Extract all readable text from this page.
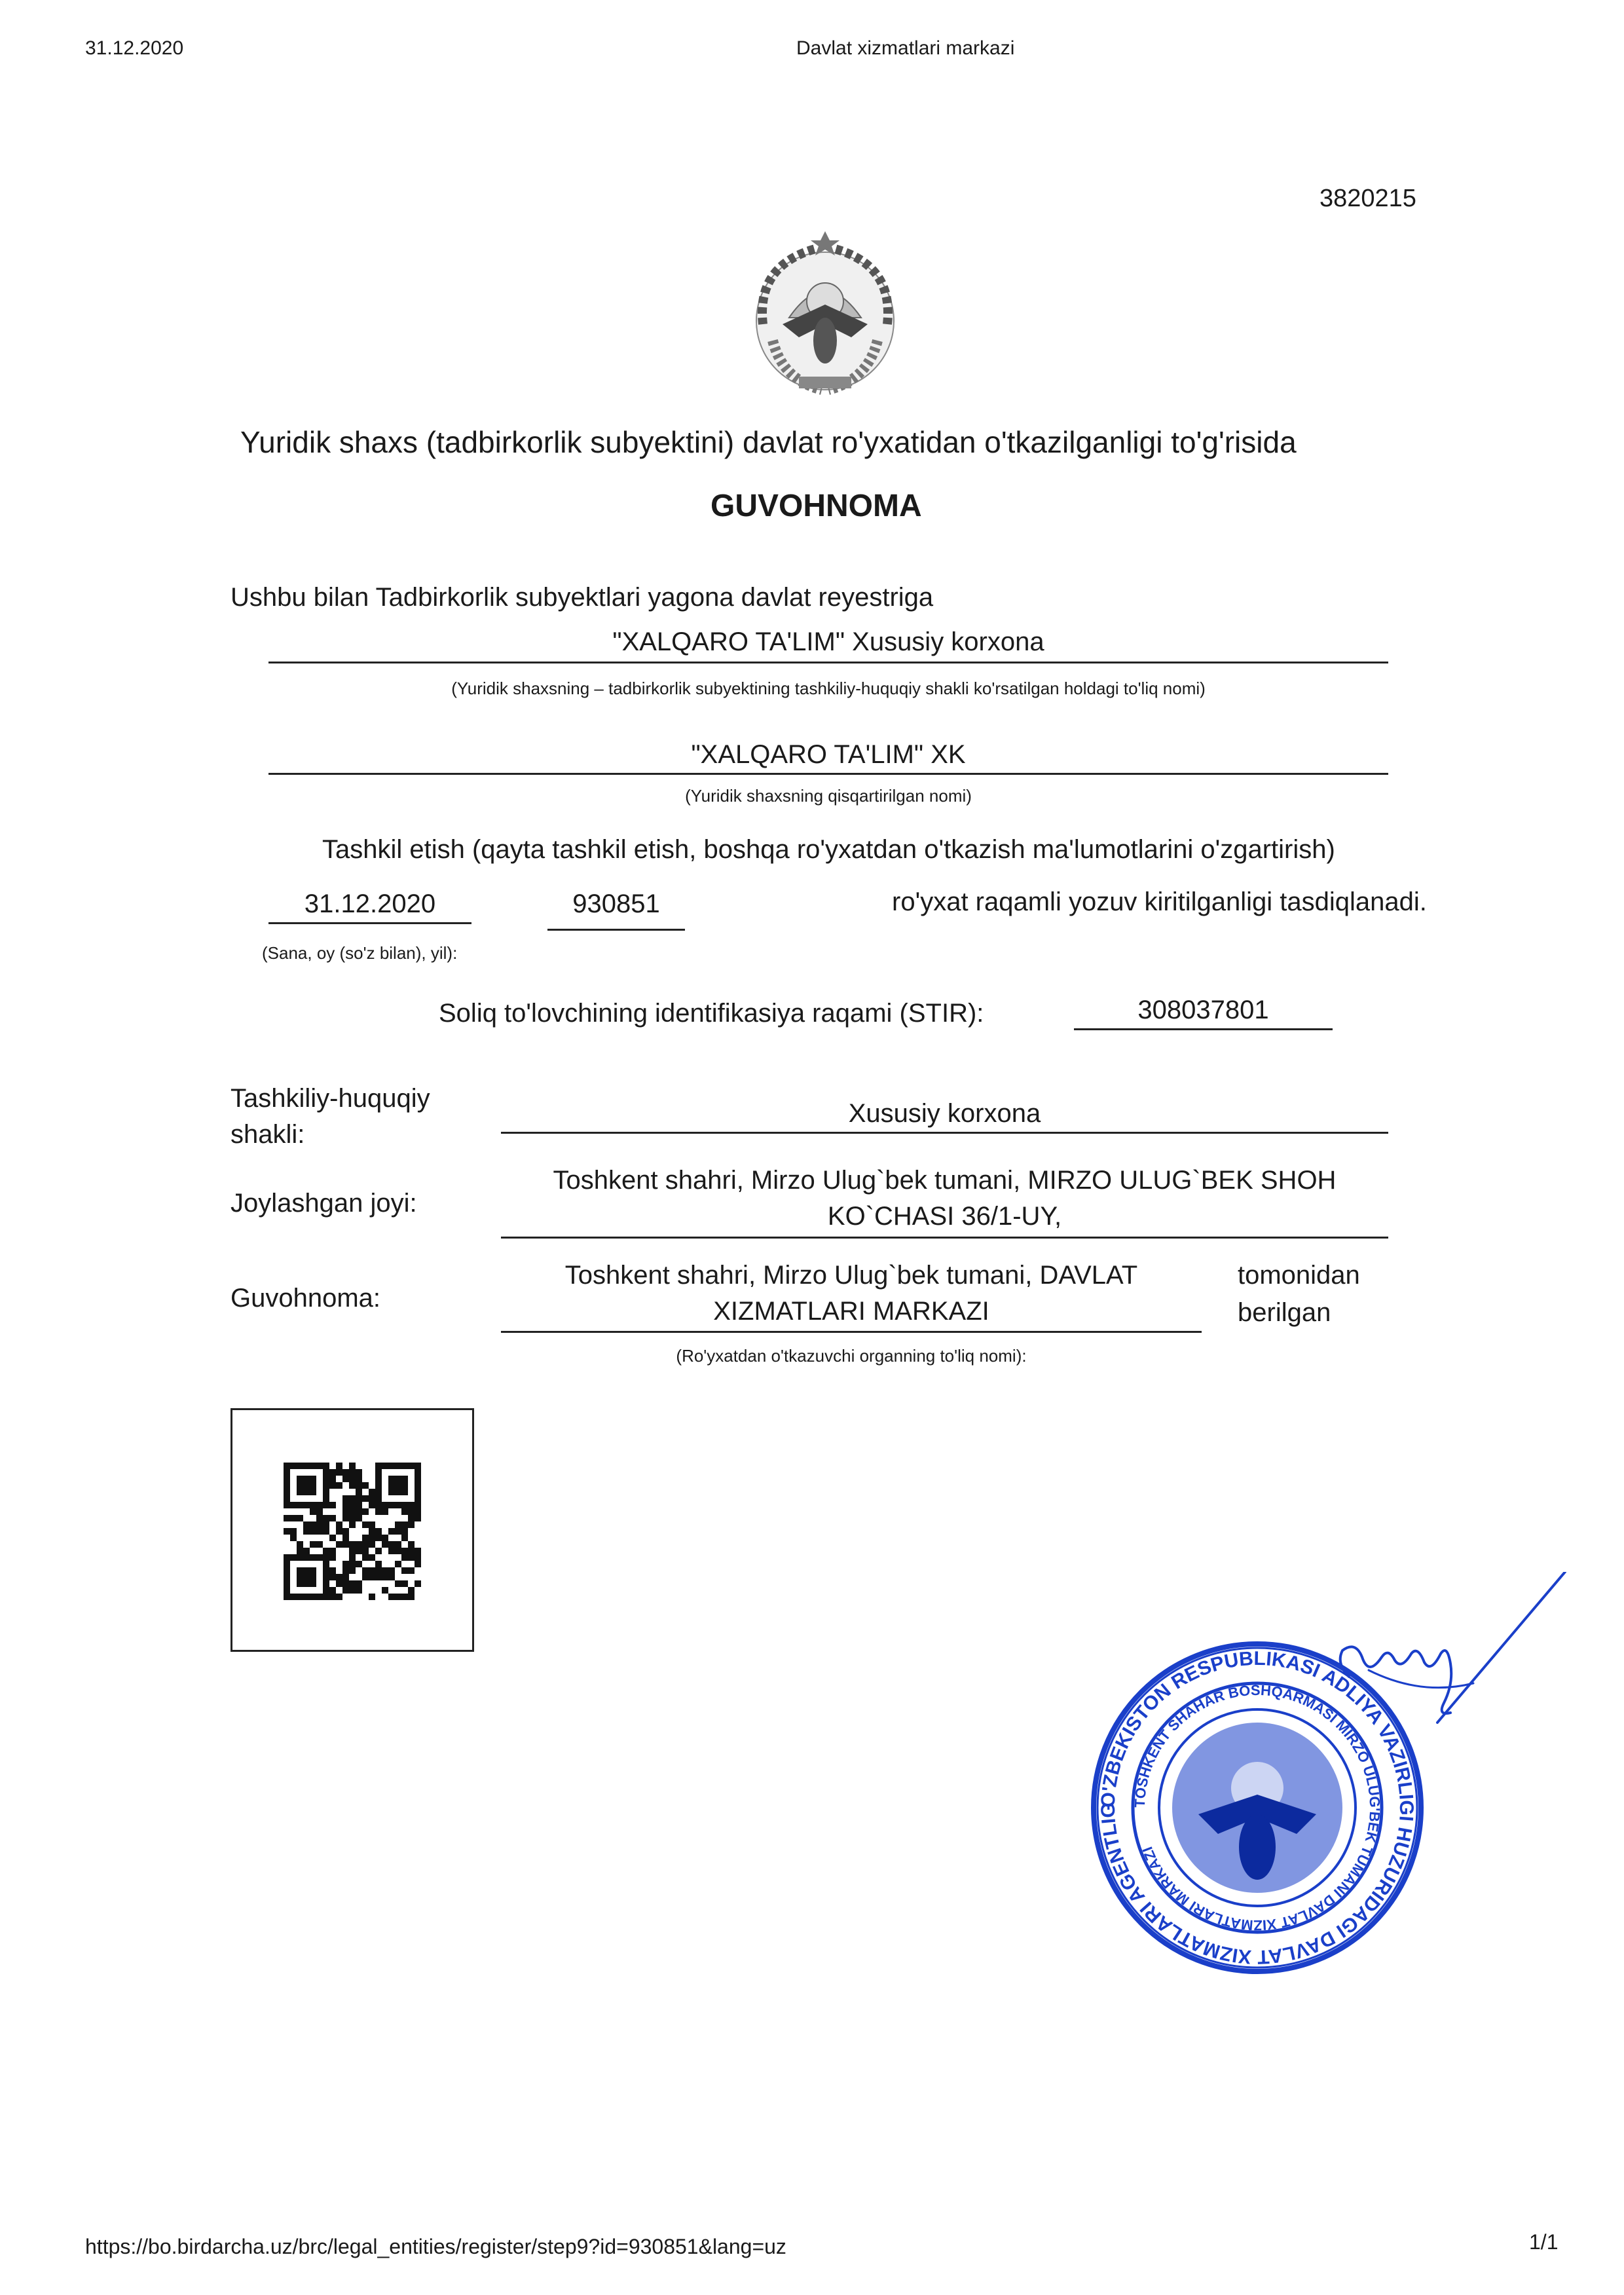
31.12.2020	Davlat xizmatlari markazi
3820215
Yuridik shaxs (tadbirkorlik subyektini) davlat ro'yxatidan o'tkazilganligi to'g'risida
GUVOHNOMA
Ushbu bilan Tadbirkorlik subyektlari yagona davlat reyestriga
"XALQARO TA'LIM" Xususiy korxona
(Yuridik shaxsning – tadbirkorlik subyektining tashkiliy-huquqiy shakli ko'rsatilgan holdagi to'liq nomi)
"XALQARO TA'LIM" XK
(Yuridik shaxsning qisqartirilgan nomi)
Tashkil etish (qayta tashkil etish, boshqa ro'yxatdan o'tkazish ma'lumotlarini o'zgartirish)
31.12.2020	930851	ro'yxat raqamli yozuv kiritilganligi tasdiqlanadi.
(Sana, oy (so'z bilan), yil):
Soliq to'lovchining identifikasiya raqami (STIR):	308037801
Tashkiliy-huquqiy
shakli:
Xususiy korxona
Joylashgan joyi:
Toshkent shahri, Mirzo Ulug`bek tumani, MIRZO ULUG`BEK SHOH
KO`CHASI 36/1-UY,
Guvohnoma:
Toshkent shahri, Mirzo Ulug`bek tumani, DAVLAT
XIZMATLARI MARKAZI
tomonidan
berilgan
(Ro'yxatdan o'tkazuvchi organning to'liq nomi):
O'ZBEKISTON RESPUBLIKASI ADLIYA VAZIRLIGI HUZURIDAGI DAVLAT XIZMATLARI AGENTLIG TOSHKENT SHAHAR BOSHQARMASI MIRZO ULUG'BEK TUMANI DAVLAT XIZMATLARI MARKAZI
https://bo.birdarcha.uz/brc/legal_entities/register/step9?id=930851&lang=uz	1/1
